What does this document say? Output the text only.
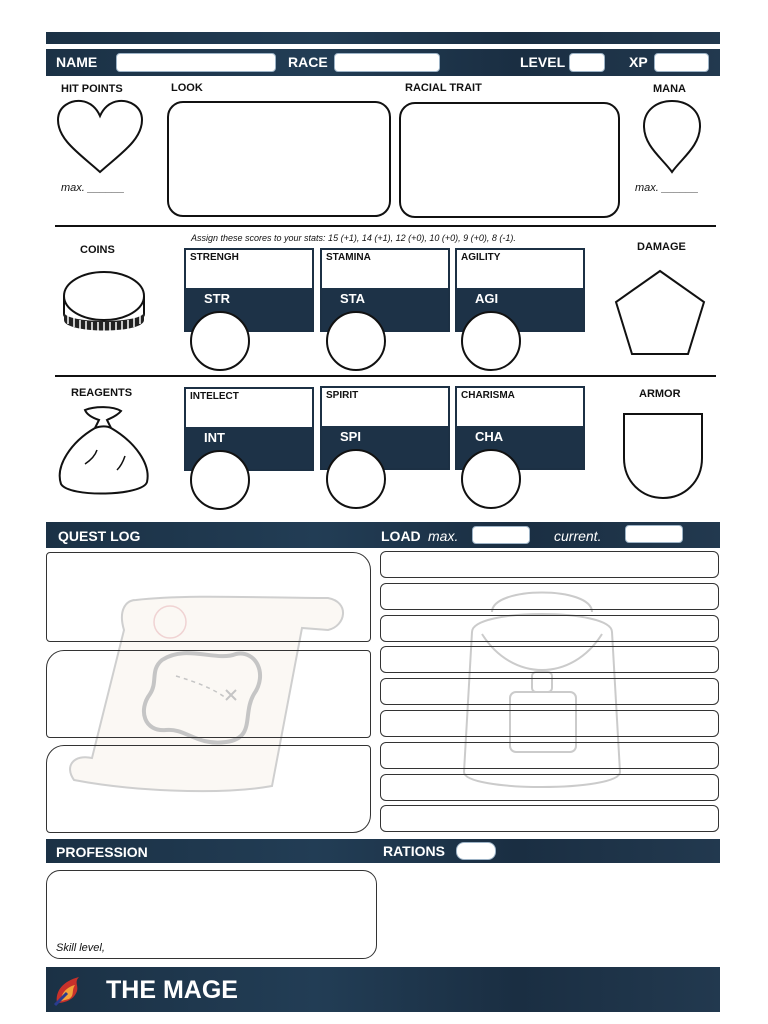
NAME	RACE	LEVEL	XP
HIT POINTS
max. ______
LOOK	RACIAL TRAIT	MANA
max. ______
Assign these scores to your stats: 15 (+1), 14 (+1), 12 (+0), 10 (+0), 9 (+0), 8 (-1).
COINS
STRENGH
STR
STAMINA
STA
AGILITY
AGI
DAMAGE
REAGENTS	INTELECT
INT
SPIRIT
SPI
CHARISMA
CHA
ARMOR
QUEST LOG	LOAD max.	current.
PROFESSION	RATIONS
Skill level,
THE MAGE
